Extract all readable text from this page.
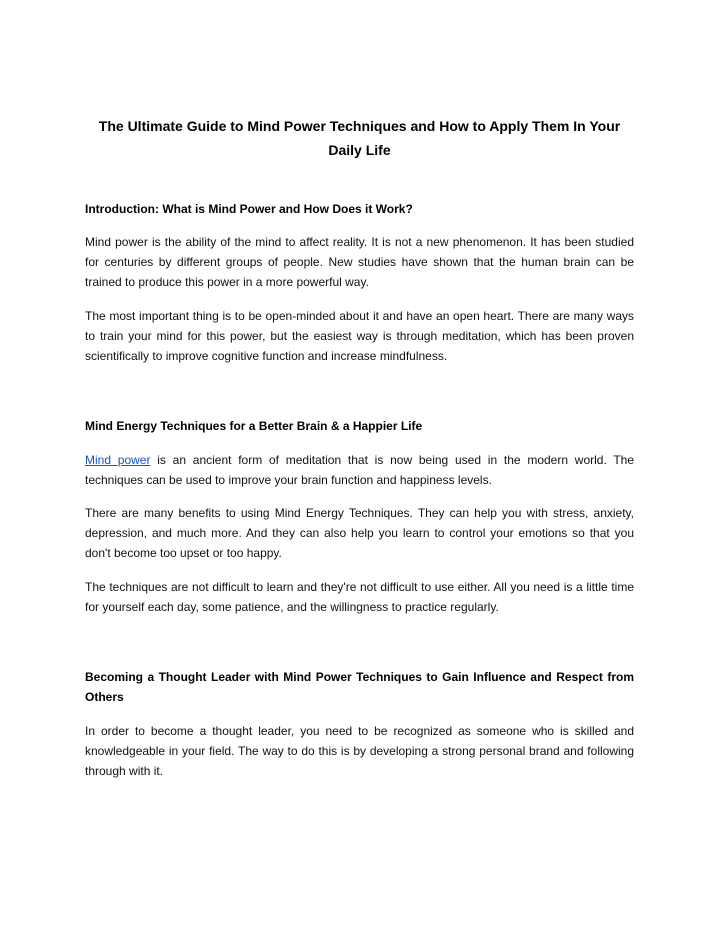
The Ultimate Guide to Mind Power Techniques and How to Apply Them In Your Daily Life
Introduction: What is Mind Power and How Does it Work?

Mind power is the ability of the mind to affect reality. It is not a new phenomenon. It has been studied for centuries by different groups of people. New studies have shown that the human brain can be trained to produce this power in a more powerful way.

The most important thing is to be open-minded about it and have an open heart. There are many ways to train your mind for this power, but the easiest way is through meditation, which has been proven scientifically to improve cognitive function and increase mindfulness.

Mind Energy Techniques for a Better Brain & a Happier Life

Mind power is an ancient form of meditation that is now being used in the modern world. The techniques can be used to improve your brain function and happiness levels.

There are many benefits to using Mind Energy Techniques. They can help you with stress, anxiety, depression, and much more. And they can also help you learn to control your emotions so that you don't become too upset or too happy.

The techniques are not difficult to learn and they're not difficult to use either. All you need is a little time for yourself each day, some patience, and the willingness to practice regularly.

Becoming a Thought Leader with Mind Power Techniques to Gain Influence and Respect from Others

In order to become a thought leader, you need to be recognized as someone who is skilled and knowledgeable in your field. The way to do this is by developing a strong personal brand and following through with it.
